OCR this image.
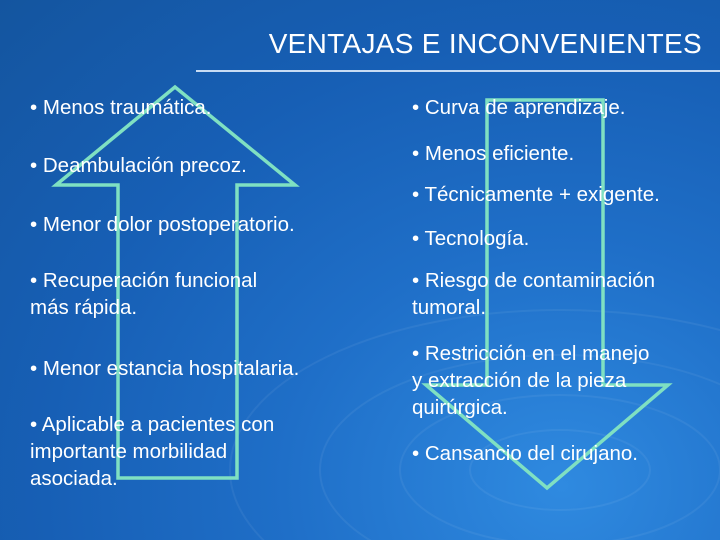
VENTAJAS E INCONVENIENTES

• Menos traumática.

• Deambulación precoz.

• Menor dolor postoperatorio.

• Recuperación funcional
más rápida.

• Menor estancia hospitalaria.

• Aplicable a pacientes con
importante morbilidad
asociada.

• Curva de aprendizaje.

• Menos eficiente.

• Técnicamente + exigente.

• Tecnología.

• Riesgo de contaminación
tumoral.

• Restricción en el manejo
y extracción de la pieza
quirúrgica.

• Cansancio del cirujano.
